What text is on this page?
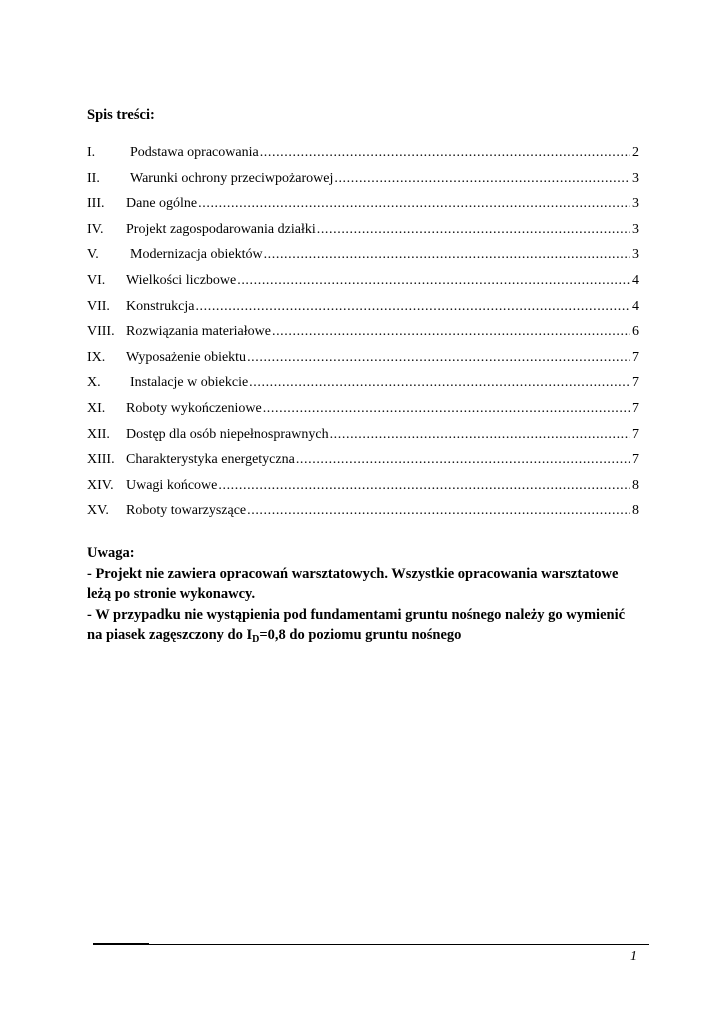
Spis treści:
I.	Podstawa opracowania .....	2
II.	Warunki ochrony przeciwpożarowej .....	3
III.	Dane ogólne .....	3
IV.	Projekt zagospodarowania działki .....	3
V.	Modernizacja obiektów .....	3
VI.	Wielkości liczbowe .....	4
VII.	Konstrukcja .....	4
VIII. Rozwiązania materiałowe .....	6
IX.	Wyposażenie obiektu .....	7
X.	Instalacje w obiekcie .....	7
XI.	Roboty wykończeniowe .....	7
XII.	Dostęp dla osób niepełnosprawnych .....	7
XIII. Charakterystyka energetyczna .....	7
XIV. Uwagi końcowe .....	8
XV.	Roboty towarzyszące .....	8

Uwaga:

- Projekt nie zawiera opracowań warsztatowych. Wszystkie opracowania warsztatowe

leżą po stronie wykonawcy.

- W przypadku nie wystąpienia pod fundamentami gruntu nośnego należy go wymienić

na piasek zagęszczony do $I_D=0,8$ do poziomu gruntu nośnego

1
